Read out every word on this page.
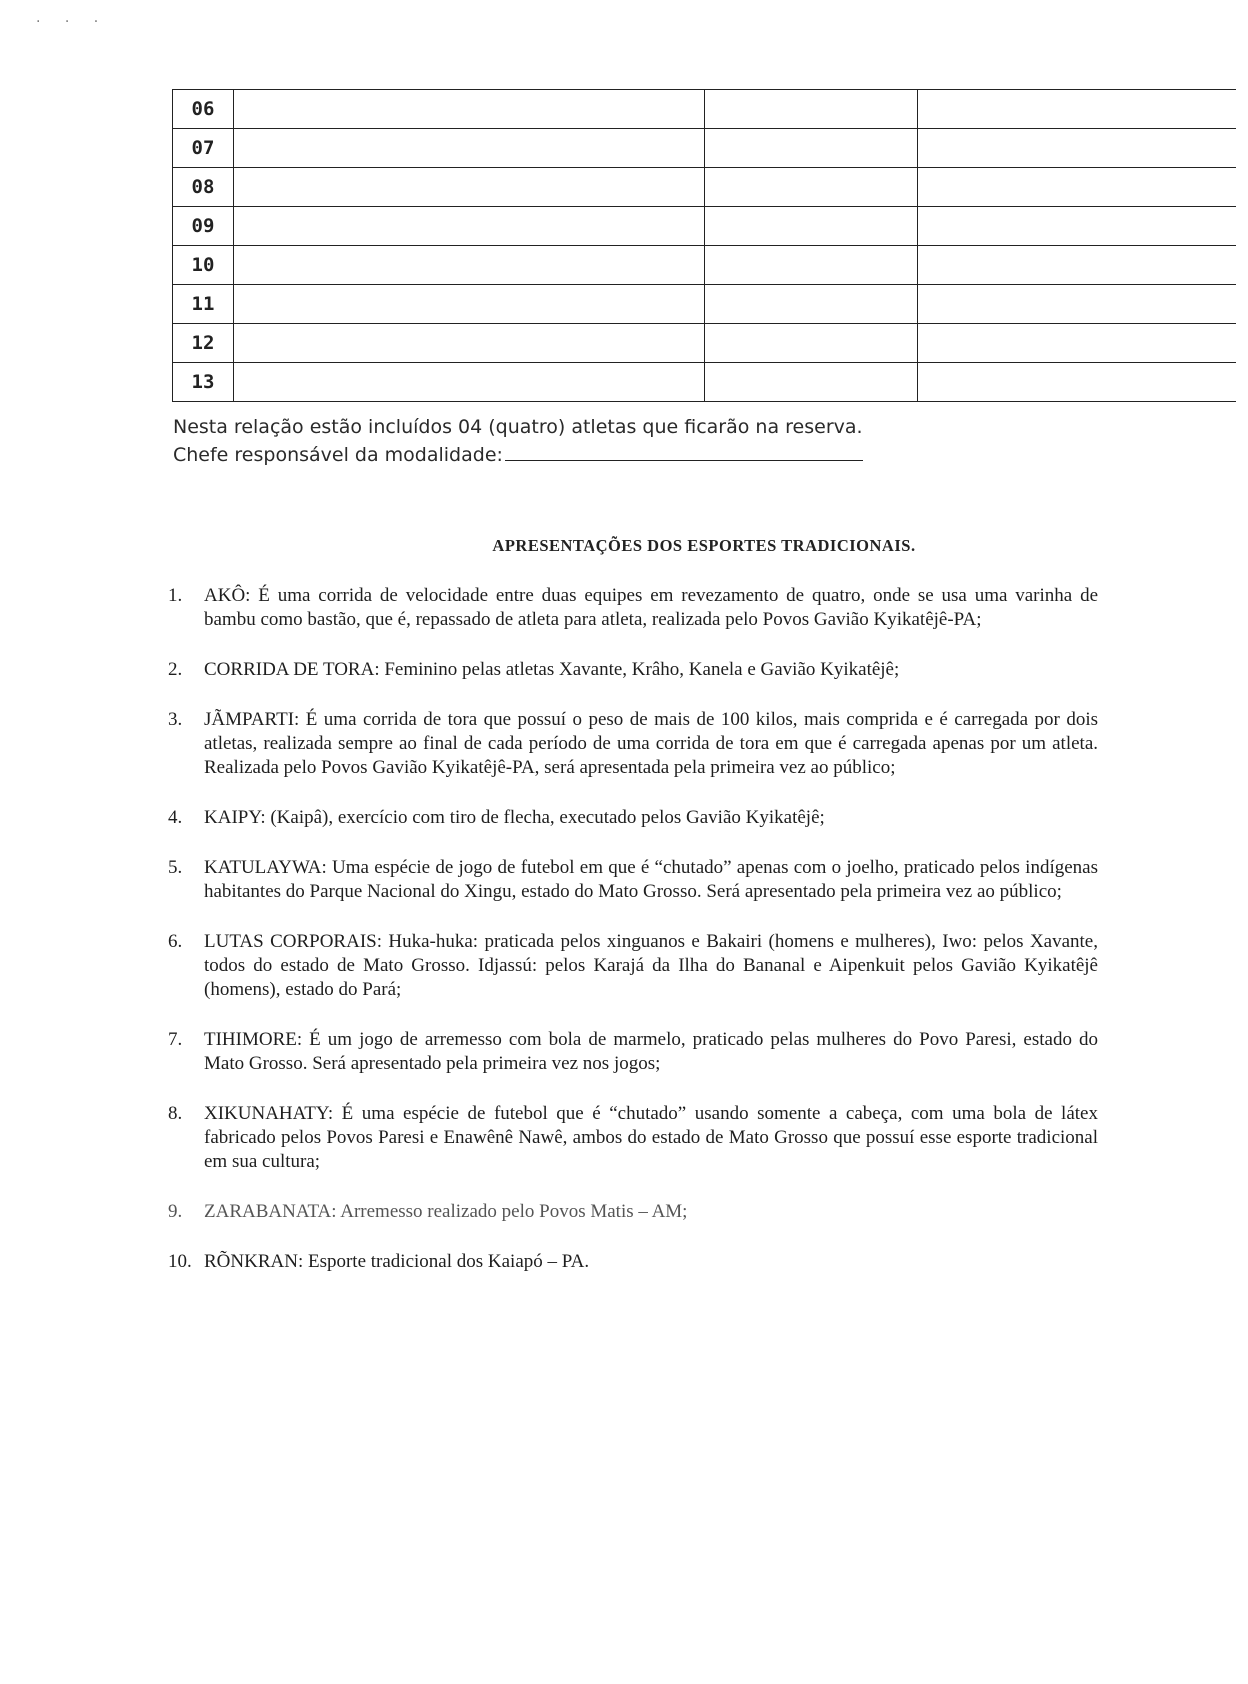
· · ·
06			
07			
08			
09			
10			
11			
12			
13			
Nesta relação estão incluídos 04 (quatro) atletas que ficarão na reserva.
Chefe responsável da modalidade:
APRESENTAÇÕES DOS ESPORTES TRADICIONAIS.
1. AKÔ: É uma corrida de velocidade entre duas equipes em revezamento de quatro, onde se usa uma varinha de bambu como bastão, que é, repassado de atleta para atleta, realizada pelo Povos Gavião Kyikatêjê-PA;
2. CORRIDA DE TORA: Feminino pelas atletas Xavante, Krâho, Kanela e Gavião Kyikatêjê;
3. JÃMPARTI: É uma corrida de tora que possuí o peso de mais de 100 kilos, mais comprida e é carregada por dois atletas, realizada sempre ao final de cada período de uma corrida de tora em que é carregada apenas por um atleta. Realizada pelo Povos Gavião Kyikatêjê-PA, será apresentada pela primeira vez ao público;
4. KAIPY: (Kaipâ), exercício com tiro de flecha, executado pelos Gavião Kyikatêjê;
5. KATULAYWA: Uma espécie de jogo de futebol em que é “chutado” apenas com o joelho, praticado pelos indígenas habitantes do Parque Nacional do Xingu, estado do Mato Grosso. Será apresentado pela primeira vez ao público;
6. LUTAS CORPORAIS: Huka-huka: praticada pelos xinguanos e Bakairi (homens e mulheres), Iwo: pelos Xavante, todos do estado de Mato Grosso. Idjassú: pelos Karajá da Ilha do Bananal e Aipenkuit pelos Gavião Kyikatêjê (homens), estado do Pará;
7. TIHIMORE: É um jogo de arremesso com bola de marmelo, praticado pelas mulheres do Povo Paresi, estado do Mato Grosso. Será apresentado pela primeira vez nos jogos;
8. XIKUNAHATY: É uma espécie de futebol que é “chutado” usando somente a cabeça, com uma bola de látex fabricado pelos Povos Paresi e Enawênê Nawê, ambos do estado de Mato Grosso que possuí esse esporte tradicional em sua cultura;
9. ZARABANATA: Arremesso realizado pelo Povos Matis – AM;
10. RÕNKRAN: Esporte tradicional dos Kaiapó – PA.
